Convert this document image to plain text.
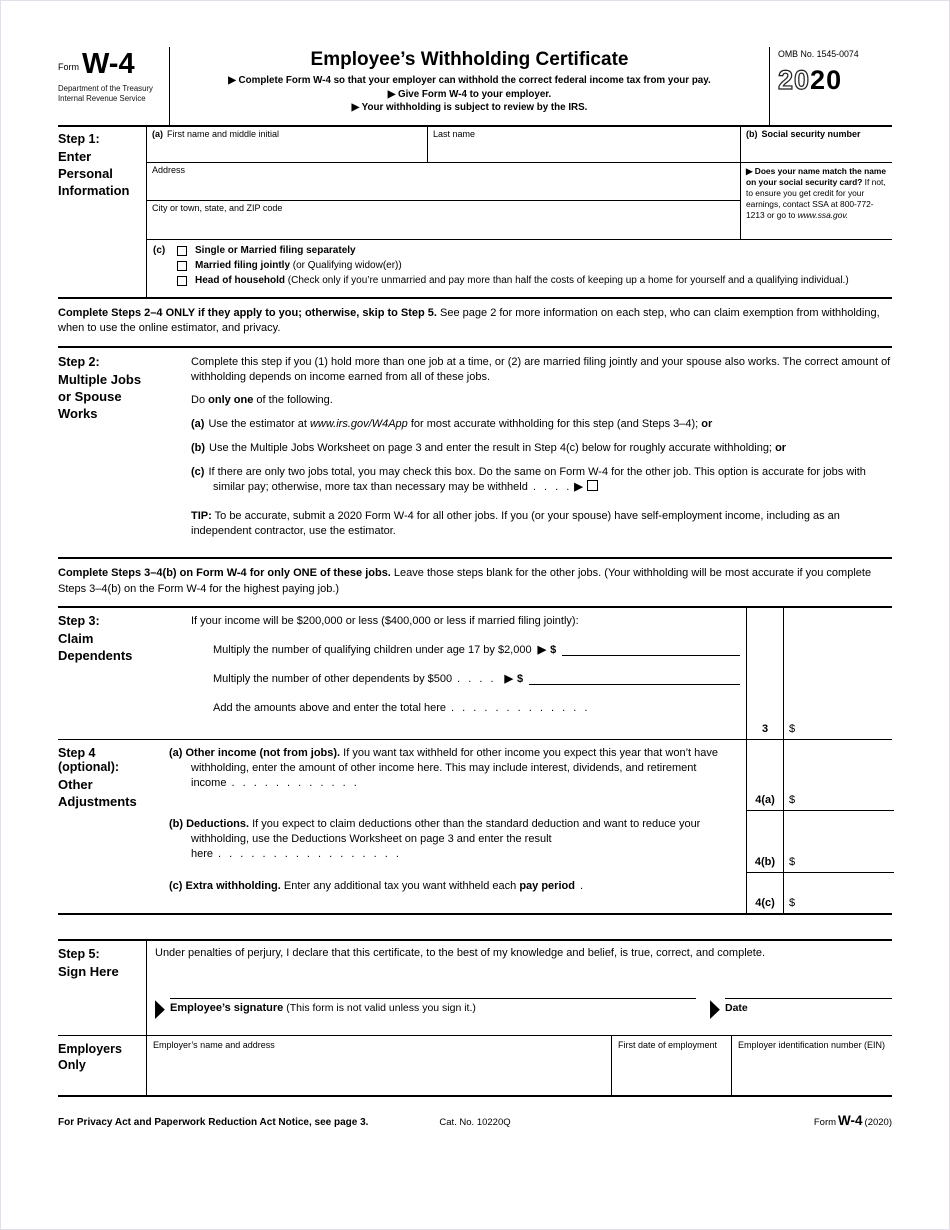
Form W-4
Department of the Treasury
Internal Revenue Service
Employee’s Withholding Certificate
▶ Complete Form W-4 so that your employer can withhold the correct federal income tax from your pay.
▶ Give Form W-4 to your employer.
▶ Your withholding is subject to review by the IRS.
OMB No. 1545-0074
2020
Step 1:
Enter Personal Information
(a) First name and middle initial	Last name	(b) Social security number
Address
City or town, state, and ZIP code
▶ Does your name match the name on your social security card? If not, to ensure you get credit for your earnings, contact SSA at 800-772-1213 or go to www.ssa.gov.
(c)	Single or Married filing separately
Married filing jointly (or Qualifying widow(er))
Head of household (Check only if you’re unmarried and pay more than half the costs of keeping up a home for yourself and a qualifying individual.)

Complete Steps 2–4 ONLY if they apply to you; otherwise, skip to Step 5. See page 2 for more information on each step, who can claim exemption from withholding, when to use the online estimator, and privacy.

Step 2:
Multiple Jobs or Spouse Works

Complete this step if you (1) hold more than one job at a time, or (2) are married filing jointly and your spouse also works. The correct amount of withholding depends on income earned from all of these jobs.

Do only one of the following.

(a) Use the estimator at www.irs.gov/W4App for most accurate withholding for this step (and Steps 3–4); or

(b) Use the Multiple Jobs Worksheet on page 3 and enter the result in Step 4(c) below for roughly accurate withholding; or

(c) If there are only two jobs total, you may check this box. Do the same on Form W-4 for the other job. This option is accurate for jobs with similar pay; otherwise, more tax than necessary may be withheld . . . . ▶

TIP: To be accurate, submit a 2020 Form W-4 for all other jobs. If you (or your spouse) have self-employment income, including as an independent contractor, use the estimator.

Complete Steps 3–4(b) on Form W-4 for only ONE of these jobs. Leave those steps blank for the other jobs. (Your withholding will be most accurate if you complete Steps 3–4(b) on the Form W-4 for the highest paying job.)

Step 3:
Claim Dependents
If your income will be $200,000 or less ($400,000 or less if married filing jointly):
Multiply the number of qualifying children under age 17 by $2,000 ▶ $
Multiply the number of other dependents by $500 . . . . ▶ $
Add the amounts above and enter the total here . . . . . . . . . . . . .
3 $
Step 4 (optional):
Other Adjustments
(a) Other income (not from jobs). If you want tax withheld for other income you expect this year that won’t have withholding, enter the amount of other income here. This may include interest, dividends, and retirement income . . . . . . . . . . . .
4(a) $
(b) Deductions. If you expect to claim deductions other than the standard deduction and want to reduce your withholding, use the Deductions Worksheet on page 3 and enter the result here . . . . . . . . . . . . . . . . .
4(b) $
(c) Extra withholding. Enter any additional tax you want withheld each pay period .
4(c) $
Step 5:
Sign Here
Under penalties of perjury, I declare that this certificate, to the best of my knowledge and belief, is true, correct, and complete.
▶ Employee’s signature (This form is not valid unless you sign it.)	▶ Date
Employers Only
Employer’s name and address	First date of employment	Employer identification number (EIN)
For Privacy Act and Paperwork Reduction Act Notice, see page 3.	Cat. No. 10220Q	Form W-4 (2020)
